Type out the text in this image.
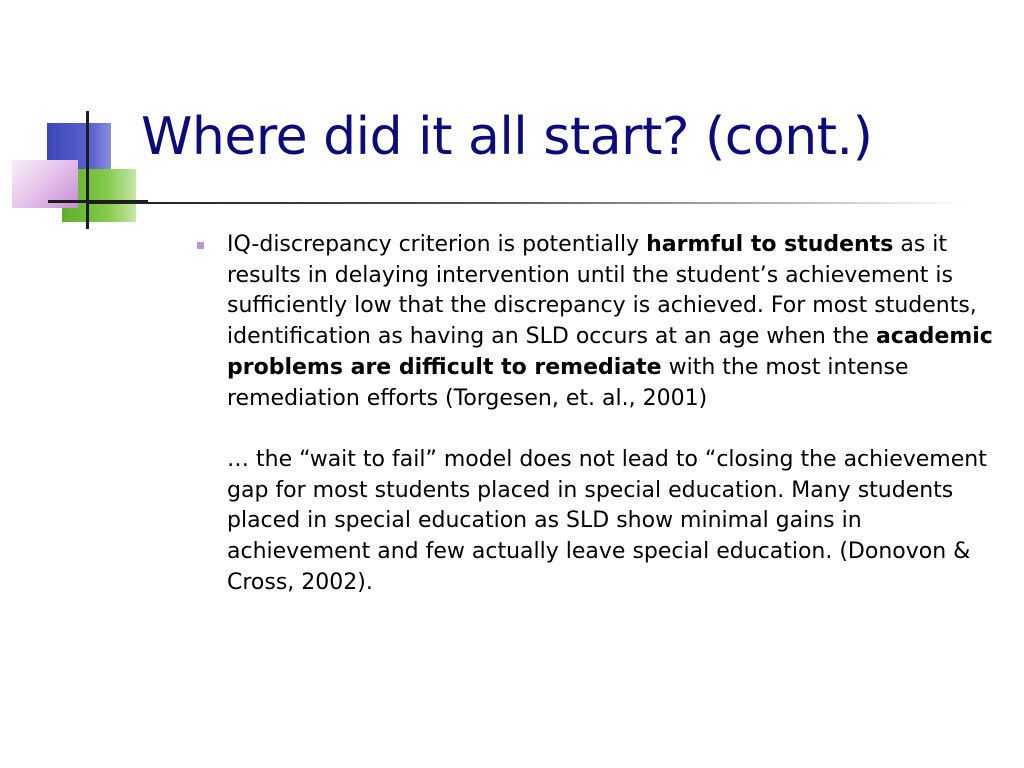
Where did it all start? (cont.)

IQ-discrepancy criterion is potentially harmful to students as it results in delaying intervention until the student’s achievement is sufficiently low that the discrepancy is achieved. For most students, identification as having an SLD occurs at an age when the academic problems are difficult to remediate with the most intense remediation efforts (Torgesen, et. al., 2001)

… the “wait to fail” model does not lead to “closing the achievement gap for most students placed in special education. Many students placed in special education as SLD show minimal gains in achievement and few actually leave special education. (Donovon & Cross, 2002).
